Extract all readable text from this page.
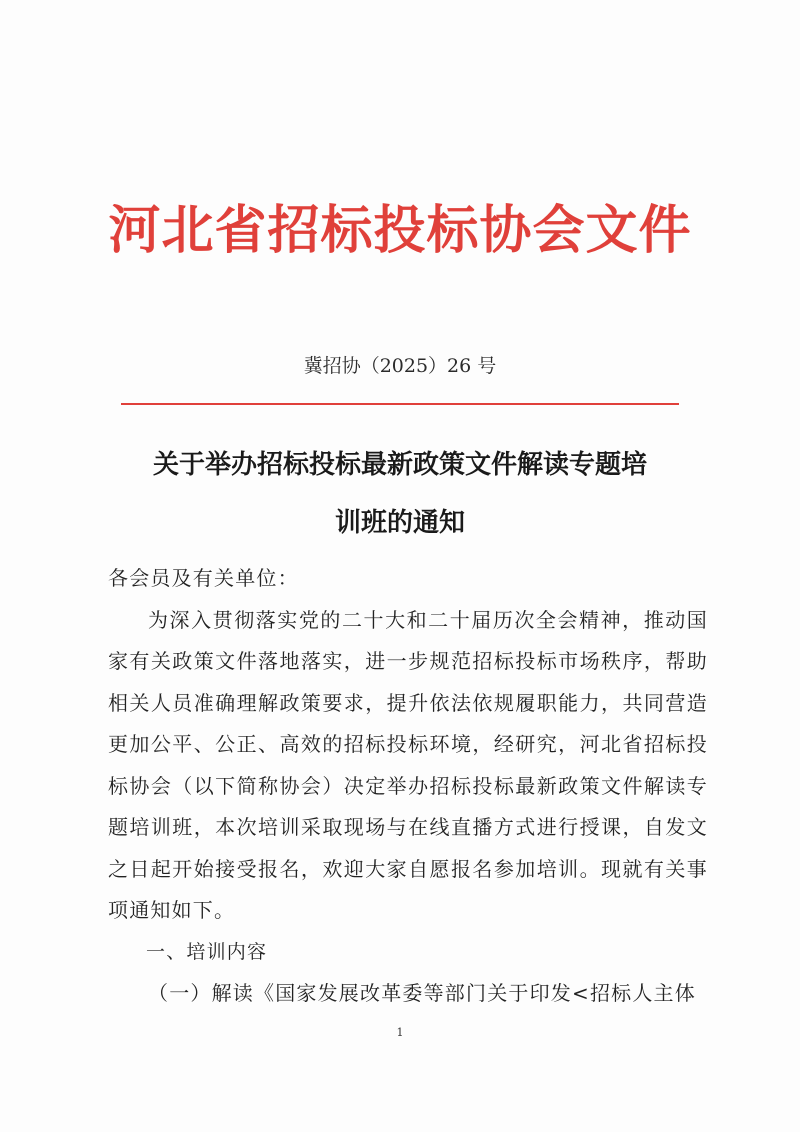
河北省招标投标协会文件
冀招协（2025）26 号
关于举办招标投标最新政策文件解读专题培
训班的通知

各会员及有关单位：

为深入贯彻落实党的二十大和二十届历次全会精神，推动国家有关政策文件落地落实，进一步规范招标投标市场秩序，帮助相关人员准确理解政策要求，提升依法依规履职能力，共同营造更加公平、公正、高效的招标投标环境，经研究，河北省招标投标协会（以下简称协会）决定举办招标投标最新政策文件解读专题培训班，本次培训采取现场与在线直播方式进行授课，自发文之日起开始接受报名，欢迎大家自愿报名参加培训。现就有关事项通知如下。

一、培训内容

（一）解读《国家发展改革委等部门关于印发<招标人主体

1
